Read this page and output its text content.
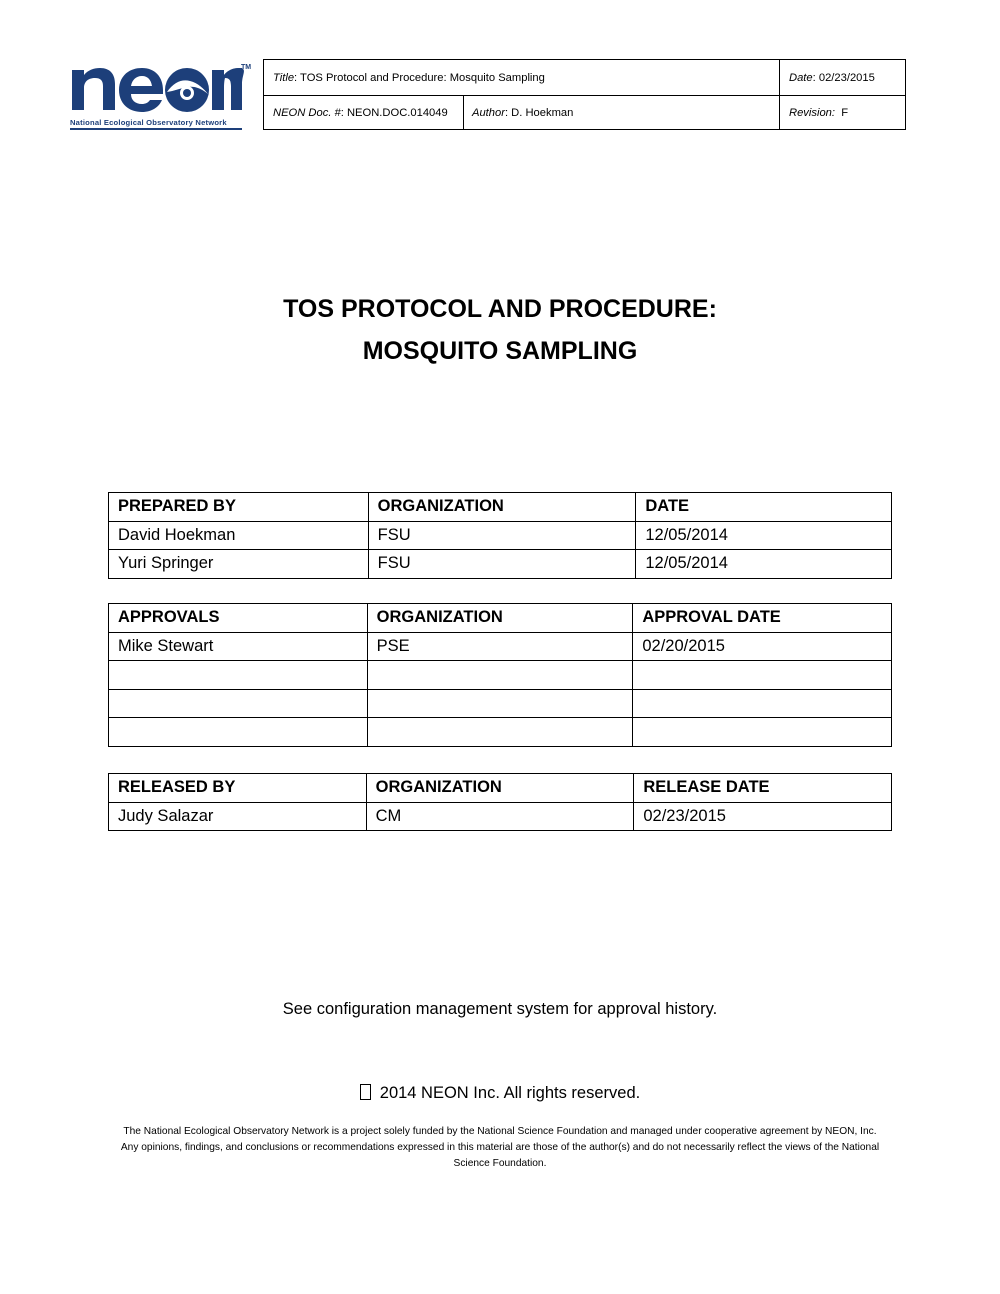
TM
National Ecological Observatory Network
Title : TOS Protocol and Procedure: Mosquito Sampling	Date : 02/23/2015
NEON Doc. # : NEON.DOC.014049 Author : D. Hoekman	Revision: F
TOS PROTOCOL AND PROCEDURE:
MOSQUITO SAMPLING
PREPARED BY	ORGANIZATION	DATE
David Hoekman	FSU	12/05/2014
Yuri Springer	FSU	12/05/2014
APPROVALS	ORGANIZATION	APPROVAL DATE
Mike Stewart	PSE	02/20/2015

RELEASED BY	ORGANIZATION	RELEASE DATE
Judy Salazar	CM	02/23/2015
See configuration management system for approval history.
2014 NEON Inc. All rights reserved.
The National Ecological Observatory Network is a project solely funded by the National Science Foundation and managed under cooperative agreement by NEON, Inc. Any opinions, findings, and conclusions or recommendations expressed in this material are those of the author(s) and do not necessarily reflect the views of the National Science Foundation.
